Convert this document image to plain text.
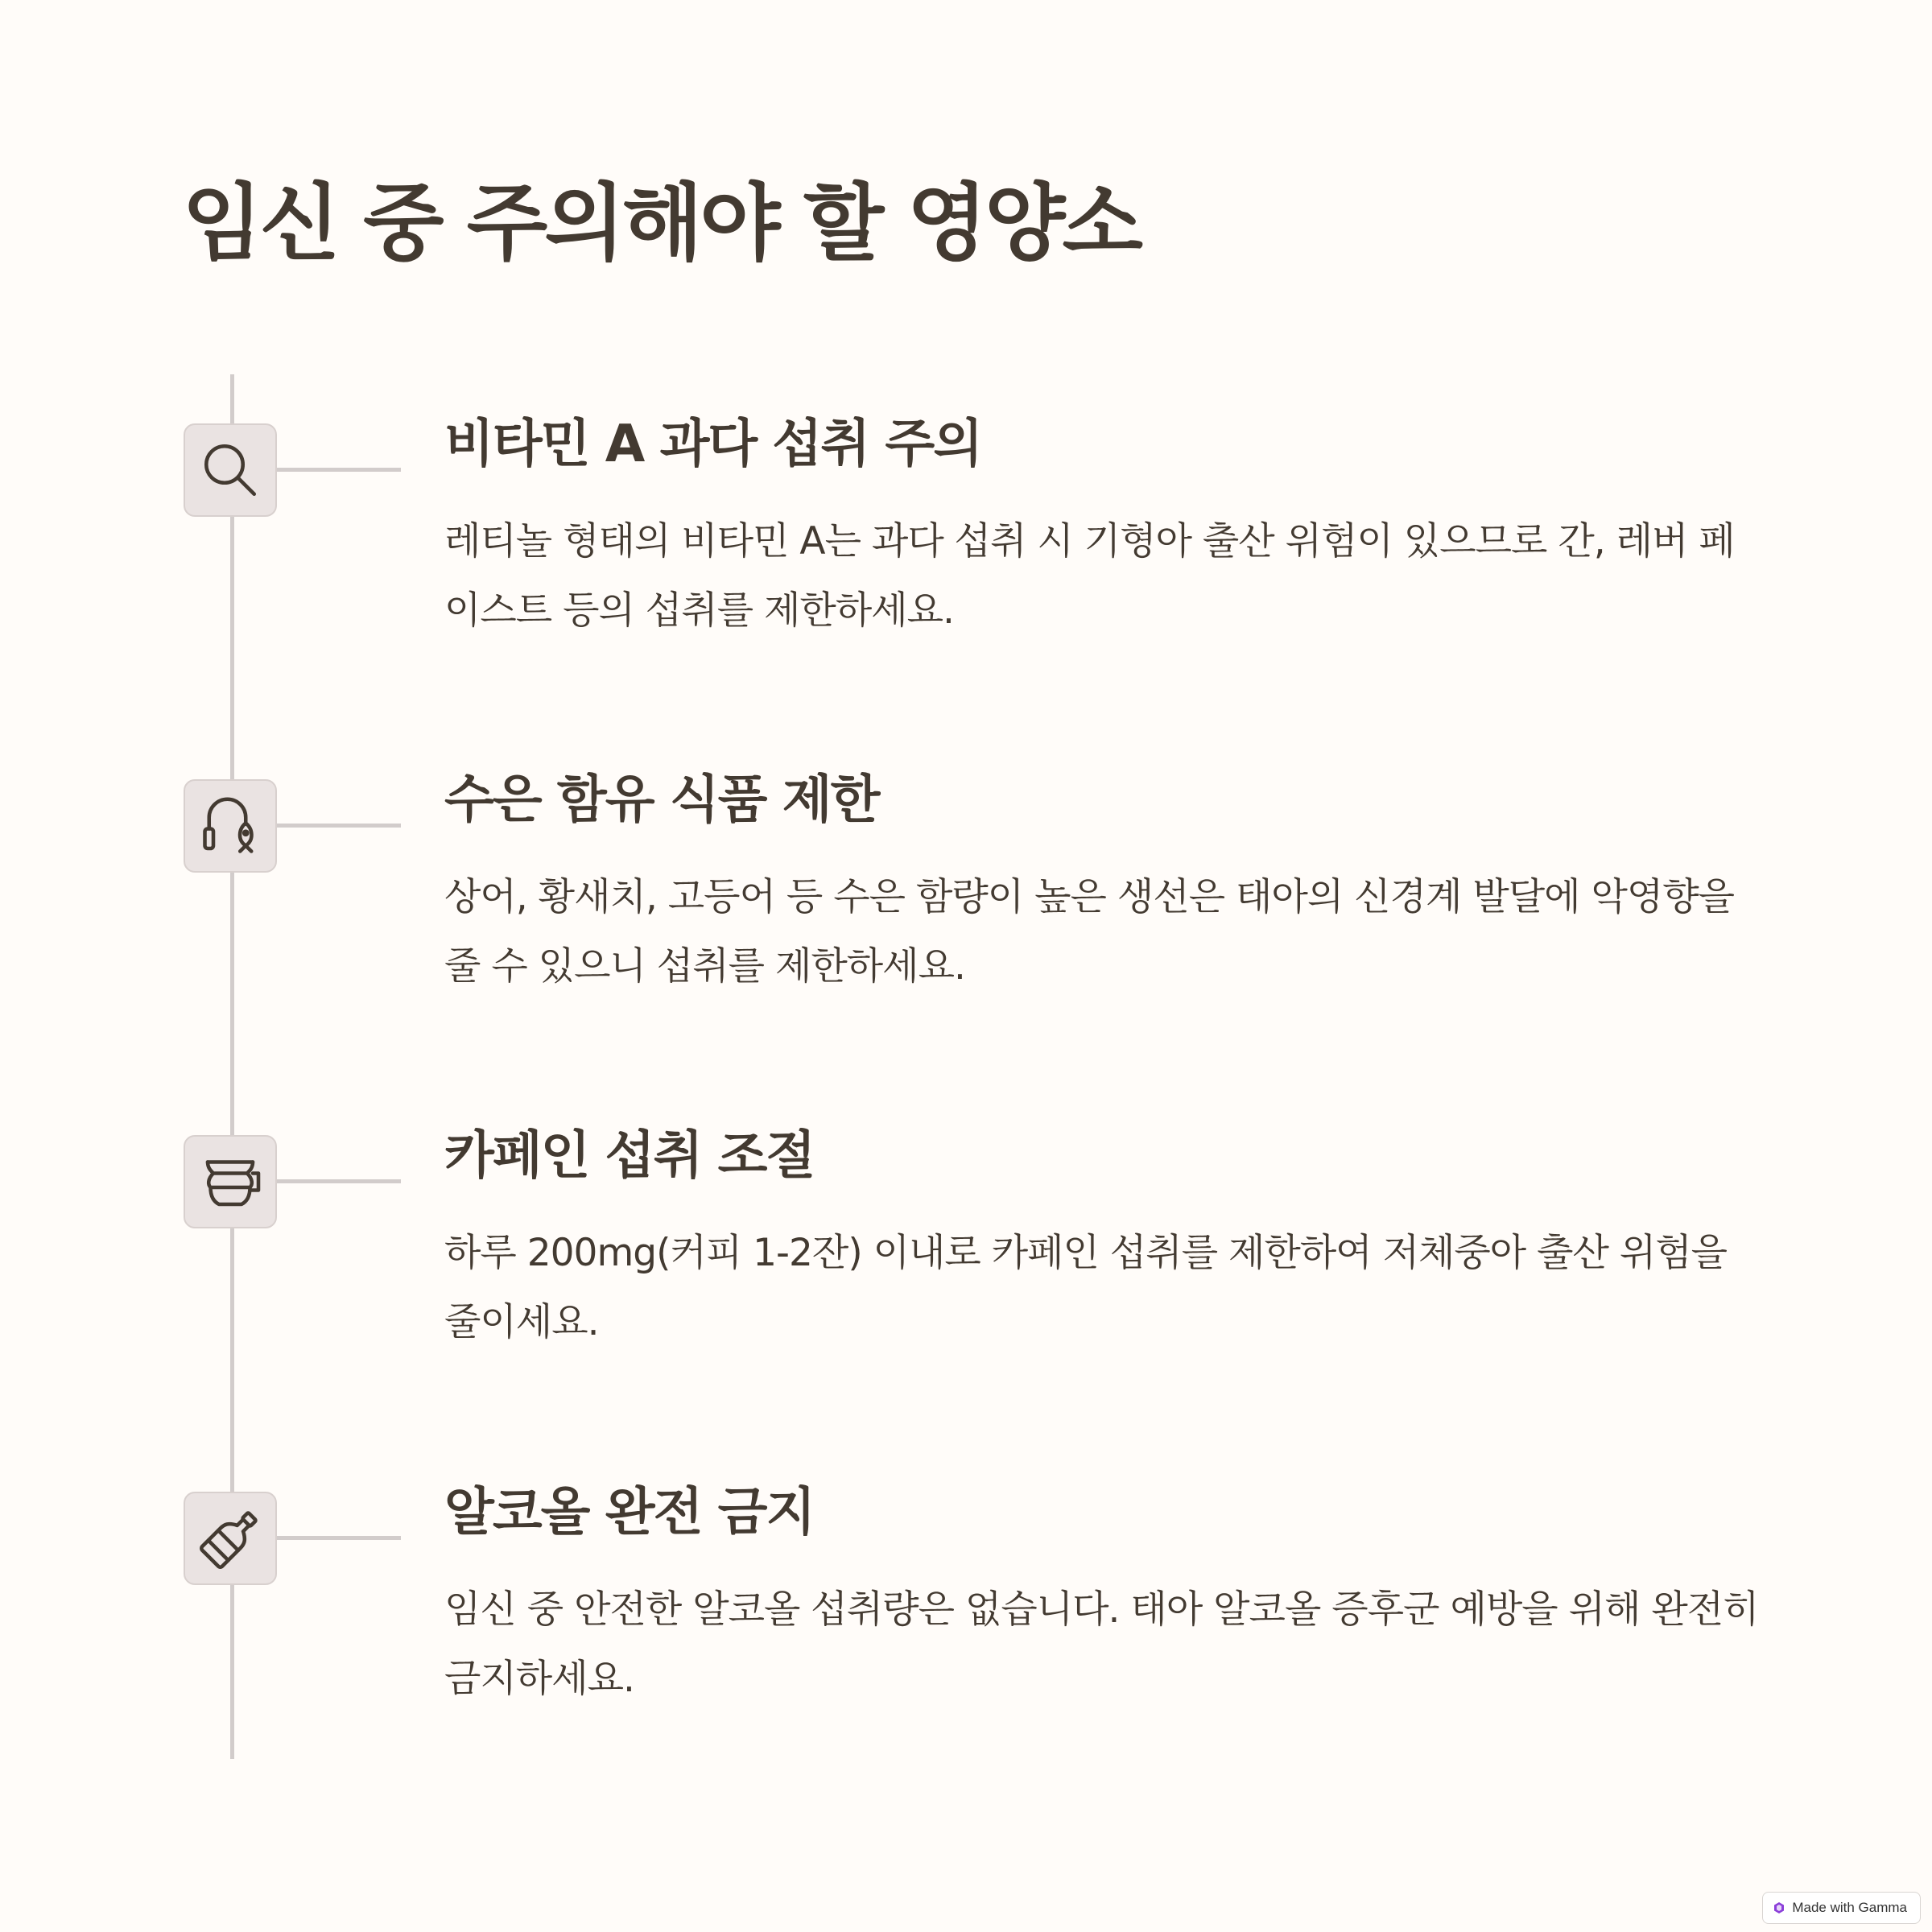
임신 중 주의해야 할 영양소
비타민 A 과다 섭취 주의

레티놀 형태의 비타민 A는 과다 섭취 시 기형아 출산 위험이 있으므로 간, 레버 페이스트 등의 섭취를 제한하세요.

수은 함유 식품 제한

상어, 황새치, 고등어 등 수은 함량이 높은 생선은 태아의 신경계 발달에 악영향을 줄 수 있으니 섭취를 제한하세요.

카페인 섭취 조절

하루 200mg(커피 1-2잔) 이내로 카페인 섭취를 제한하여 저체중아 출산 위험을 줄이세요.

알코올 완전 금지

임신 중 안전한 알코올 섭취량은 없습니다. 태아 알코올 증후군 예방을 위해 완전히 금지하세요.

Made with Gamma
